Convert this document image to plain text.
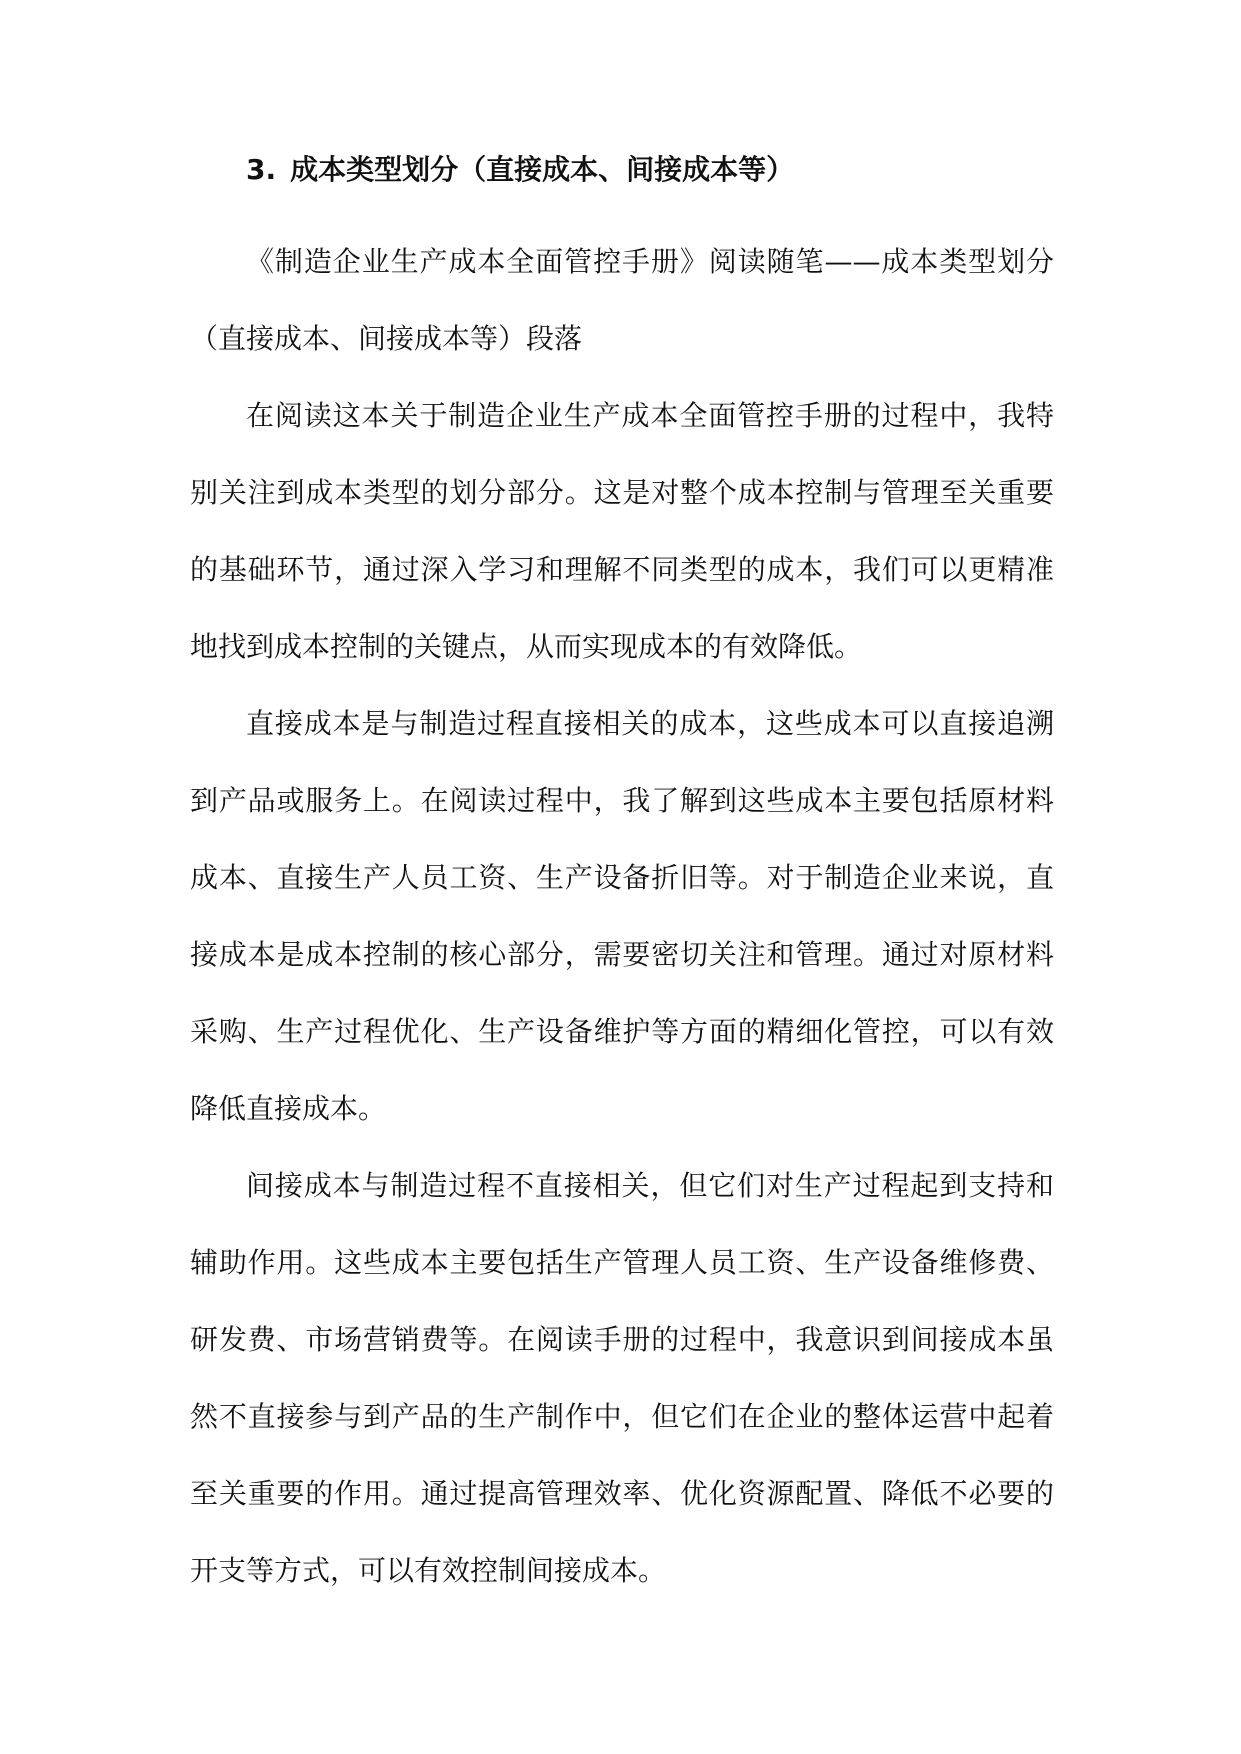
3. 成本类型划分（直接成本、间接成本等）

《制造企业生产成本全面管控手册》阅读随笔——成本类型划分（直接成本、间接成本等）段落

在阅读这本关于制造企业生产成本全面管控手册的过程中，我特别关注到成本类型的划分部分。这是对整个成本控制与管理至关重要的基础环节，通过深入学习和理解不同类型的成本，我们可以更精准地找到成本控制的关键点，从而实现成本的有效降低。

直接成本是与制造过程直接相关的成本，这些成本可以直接追溯到产品或服务上。在阅读过程中，我了解到这些成本主要包括原材料成本、直接生产人员工资、生产设备折旧等。对于制造企业来说，直接成本是成本控制的核心部分，需要密切关注和管理。通过对原材料采购、生产过程优化、生产设备维护等方面的精细化管控，可以有效降低直接成本。

间接成本与制造过程不直接相关，但它们对生产过程起到支持和辅助作用。这些成本主要包括生产管理人员工资、生产设备维修费、研发费、市场营销费等。在阅读手册的过程中，我意识到间接成本虽然不直接参与到产品的生产制作中，但它们在企业的整体运营中起着至关重要的作用。通过提高管理效率、优化资源配置、降低不必要的开支等方式，可以有效控制间接成本。
